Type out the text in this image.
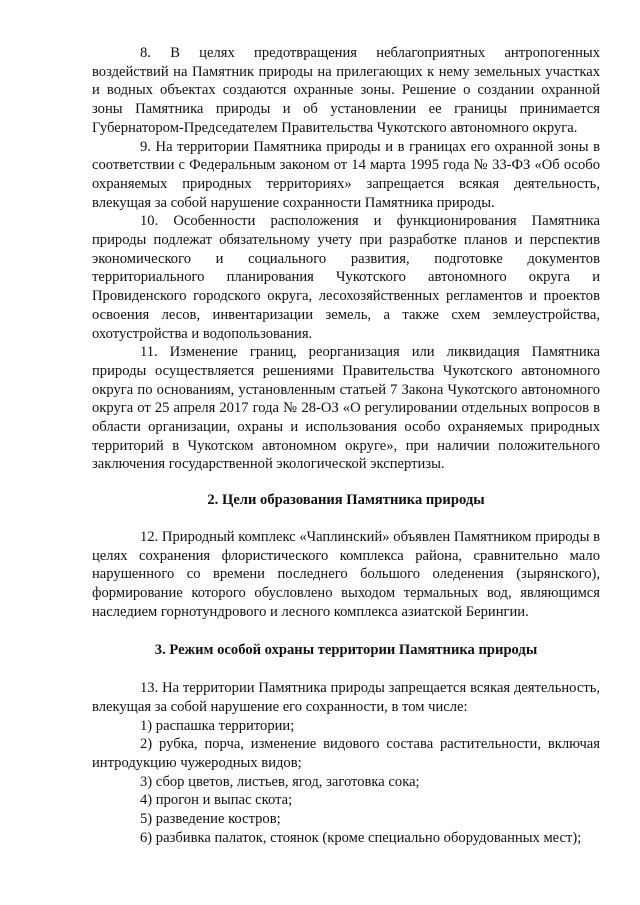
8. В целях предотвращения неблагоприятных антропогенных воздействий на Памятник природы на прилегающих к нему земельных участках и водных объектах создаются охранные зоны. Решение о создании охранной зоны Памятника природы и об установлении ее границы принимается Губернатором-Председателем Правительства Чукотского автономного округа.

9. На территории Памятника природы и в границах его охранной зоны в соответствии с Федеральным законом от 14 марта 1995 года № 33-ФЗ «Об особо охраняемых природных территориях» запрещается всякая деятельность, влекущая за собой нарушение сохранности Памятника природы.

10. Особенности расположения и функционирования Памятника природы подлежат обязательному учету при разработке планов и перспектив экономического и социального развития, подготовке документов территориального планирования Чукотского автономного округа и Провиденского городского округа, лесохозяйственных регламентов и проектов освоения лесов, инвентаризации земель, а также схем землеустройства, охотустройства и водопользования.

11. Изменение границ, реорганизация или ликвидация Памятника природы осуществляется решениями Правительства Чукотского автономного округа по основаниям, установленным статьей 7 Закона Чукотского автономного округа от 25 апреля 2017 года № 28-ОЗ «О регулировании отдельных вопросов в области организации, охраны и использования особо охраняемых природных территорий в Чукотском автономном округе», при наличии положительного заключения государственной экологической экспертизы.

2. Цели образования Памятника природы

12. Природный комплекс «Чаплинский» объявлен Памятником природы в целях сохранения флористического комплекса района, сравнительно мало нарушенного со времени последнего большого оледенения (зырянского), формирование которого обусловлено выходом термальных вод, являющимся наследием горнотундрового и лесного комплекса азиатской Берингии.

3. Режим особой охраны территории Памятника природы

13. На территории Памятника природы запрещается всякая деятельность, влекущая за собой нарушение его сохранности, в том числе:

1) распашка территории;

2) рубка, порча, изменение видового состава растительности, включая интродукцию чужеродных видов;

3) сбор цветов, листьев, ягод, заготовка сока;

4) прогон и выпас скота;

5) разведение костров;

6) разбивка палаток, стоянок (кроме специально оборудованных мест);
